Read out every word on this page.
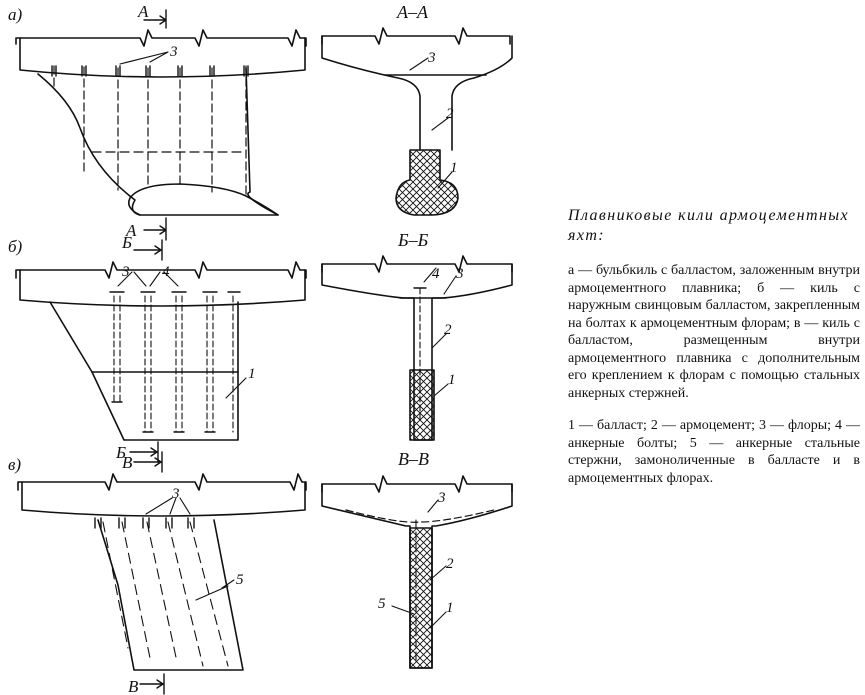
а)	А
А
3
А–А
3
2
1
б)	Б
Б
3 4
1
Б–Б
4 3
2
1
в)	В
В
3
5
В–В
3
2
1
5

Плавниковые кили армоцементных яхт:

а — бульбкиль с балластом, заложенным внутри армоцементного плавника; б — киль с наружным свинцовым балластом, закрепленным на болтах к армоцементным флорам; в — киль с балластом, размещенным внутри армоцементного плавника с дополнительным его креплением к флорам с помощью стальных анкерных стержней.

1 — балласт; 2 — армоцемент; 3 — флоры; 4 — анкерные болты; 5 — анкерные стальные стержни, замоноличенные в балласте и в армоцементных флорах.
